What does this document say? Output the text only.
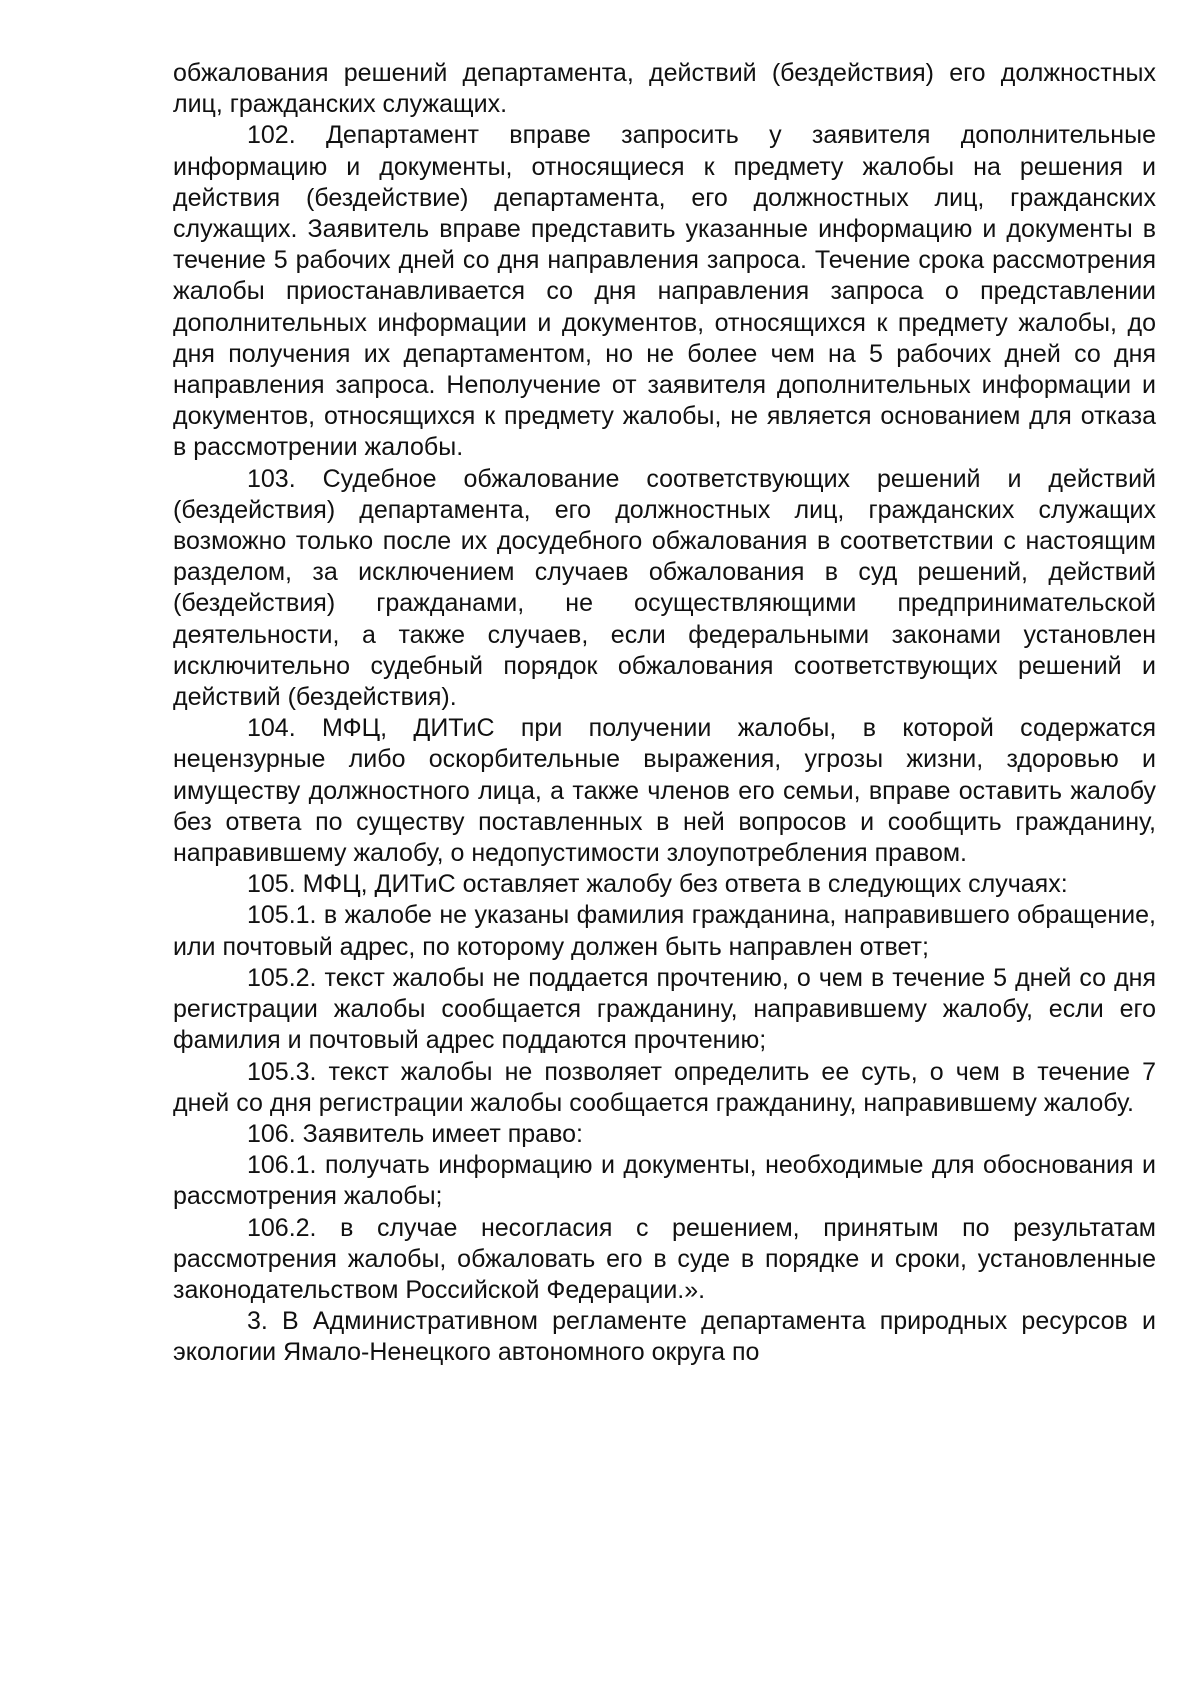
обжалования решений департамента, действий (бездействия) его должностных лиц, гражданских служащих.

102. Департамент вправе запросить у заявителя дополнительные информацию и документы, относящиеся к предмету жалобы на решения и действия (бездействие) департамента, его должностных лиц, гражданских служащих. Заявитель вправе представить указанные информацию и документы в течение 5 рабочих дней со дня направления запроса. Течение срока рассмотрения жалобы приостанавливается со дня направления запроса о представлении дополнительных информации и документов, относящихся к предмету жалобы, до дня получения их департаментом, но не более чем на 5 рабочих дней со дня направления запроса. Неполучение от заявителя дополнительных информации и документов, относящихся к предмету жалобы, не является основанием для отказа в рассмотрении жалобы.

103. Судебное обжалование соответствующих решений и действий (бездействия) департамента, его должностных лиц, гражданских служащих возможно только после их досудебного обжалования в соответствии с настоящим разделом, за исключением случаев обжалования в суд решений, действий (бездействия) гражданами, не осуществляющими предпринимательской деятельности, а также случаев, если федеральными законами установлен исключительно судебный порядок обжалования соответствующих решений и действий (бездействия).

104. МФЦ, ДИТиС при получении жалобы, в которой содержатся нецензурные либо оскорбительные выражения, угрозы жизни, здоровью и имуществу должностного лица, а также членов его семьи, вправе оставить жалобу без ответа по существу поставленных в ней вопросов и сообщить гражданину, направившему жалобу, о недопустимости злоупотребления правом.

105. МФЦ, ДИТиС оставляет жалобу без ответа в следующих случаях:

105.1. в жалобе не указаны фамилия гражданина, направившего обращение, или почтовый адрес, по которому должен быть направлен ответ;

105.2. текст жалобы не поддается прочтению, о чем в течение 5 дней со дня регистрации жалобы сообщается гражданину, направившему жалобу, если его фамилия и почтовый адрес поддаются прочтению;

105.3. текст жалобы не позволяет определить ее суть, о чем в течение 7 дней со дня регистрации жалобы сообщается гражданину, направившему жалобу.

106. Заявитель имеет право:

106.1. получать информацию и документы, необходимые для обоснования и рассмотрения жалобы;

106.2. в случае несогласия с решением, принятым по результатам рассмотрения жалобы, обжаловать его в суде в порядке и сроки, установленные законодательством Российской Федерации.».

3. В Административном регламенте департамента природных ресурсов и экологии Ямало-Ненецкого автономного округа по
